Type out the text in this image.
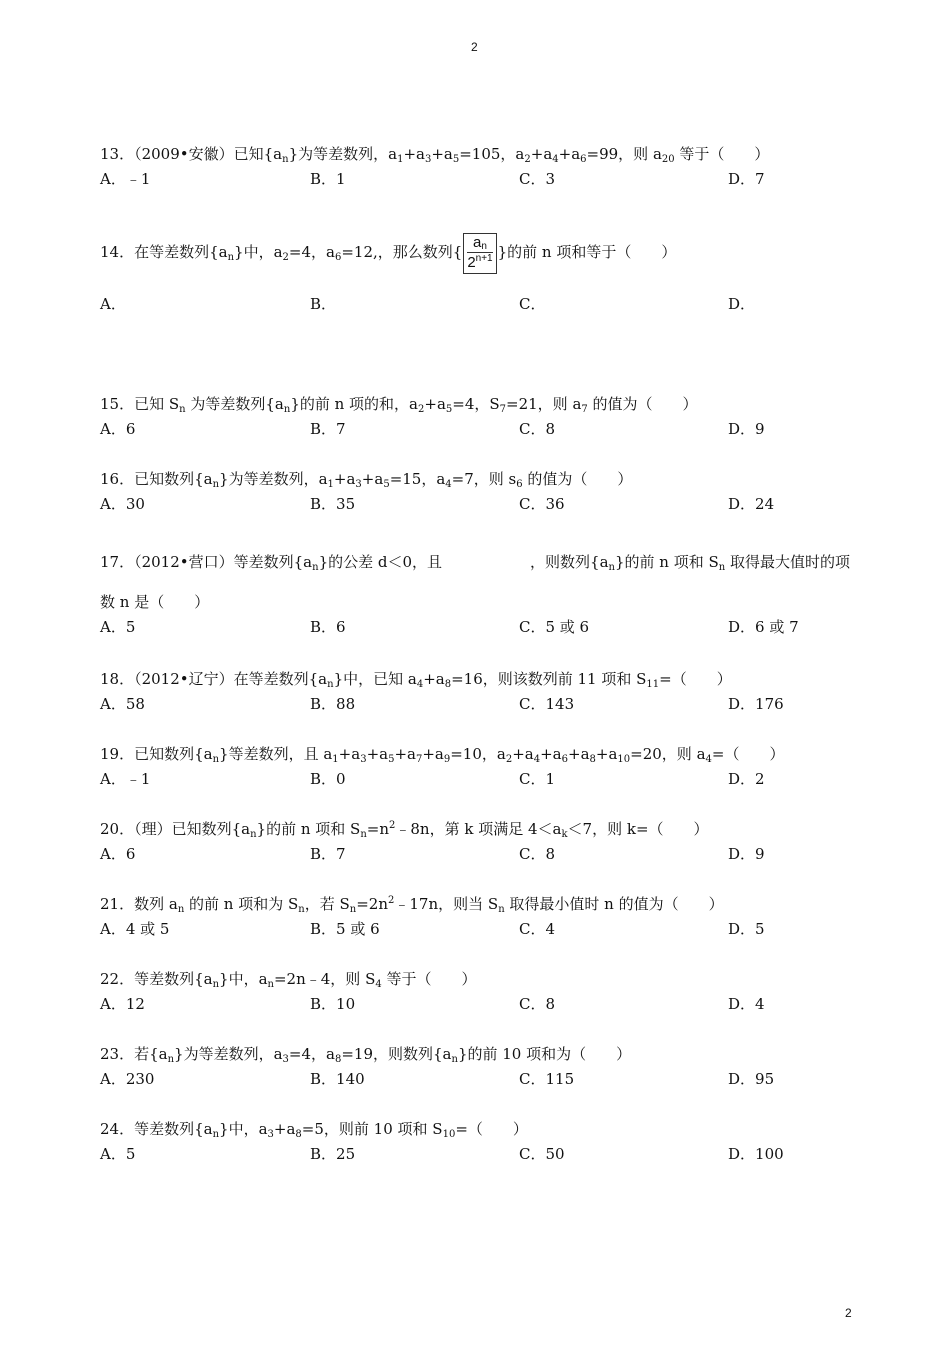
2
13．（2009•安徽）已知$\{a_n\}$为等差数列，$a_1+a_3+a_5=105$，$a_2+a_4+a_6=99$，则 $a_{20}$ 等于（　　）
A．﹣1	B．1	C．3	D．7
14．在等差数列$\{a_n\}$中，$a_2=4$，$a_6=12$,，那么数列{ $\frac{a_n}{2^{n+1}}$ }的前 n 项和等于（　　）
A．	B．	C．	D．
15．已知 $S_n$ 为等差数列$\{a_n\}$的前 n 项的和，$a_2+a_5=4$，$S_7=21$，则 $a_7$ 的值为（　　）
A．6	B．7	C．8	D．9
16．已知数列$\{a_n\}$为等差数列，$a_1+a_3+a_5=15$，$a_4=7$，则 $s_6$ 的值为（　　）
A．30	B．35	C．36	D．24
17．（2012•营口）等差数列$\{a_n\}$的公差 d＜0，且	，则数列$\{a_n\}$的前 n 项和 $S_n$ 取得最大值时的项
数 n 是（　　）
A．5	B．6	C．5 或 6	D．6 或 7
18．（2012•辽宁）在等差数列$\{a_n\}$中，已知 $a_4+a_8=16$，则该数列前 11 项和 $S_{11}=$（　　）
A．58	B．88	C．143	D．176
19．已知数列$\{a_n\}$等差数列，且 $a_1+a_3+a_5+a_7+a_9=10$，$a_2+a_4+a_6+a_8+a_{10}=20$，则 $a_4=$（　　）
A．﹣1	B．0	C．1	D．2
20．（理）已知数列$\{a_n\}$的前 n 项和 $S_n=n^2﹣8n$，第 k 项满足 $4<a_k<7$，则 k=（　　）
A．6	B．7	C．8	D．9
21．数列 $a_n$ 的前 n 项和为 $S_n$，若 $S_n=2n^2﹣17n$，则当 $S_n$ 取得最小值时 n 的值为（　　）
A．4 或 5	B．5 或 6	C．4	D．5
22．等差数列$\{a_n\}$中，$a_n=2n﹣4$，则 $S_4$ 等于（　　）
A．12	B．10	C．8	D．4
23．若$\{a_n\}$为等差数列，$a_3=4$，$a_8=19$，则数列$\{a_n\}$的前 10 项和为（　　）
A．230	B．140	C．115	D．95
24．等差数列$\{a_n\}$中，$a_3+a_8=5$，则前 10 项和 $S_{10}=$（　　）
A．5	B．25	C．50	D．100
2
